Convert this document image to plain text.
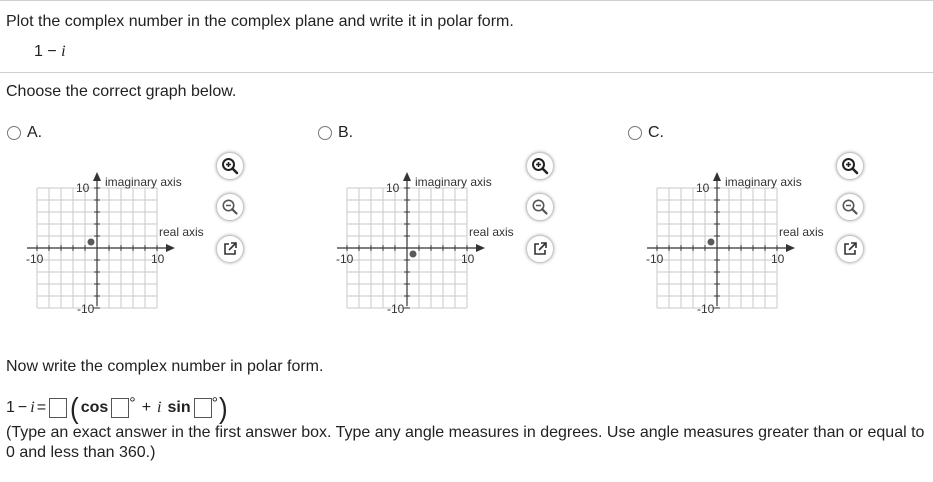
Plot the complex number in the complex plane and write it in polar form.
1 − i
Choose the correct graph below.
A.
imaginary axis
real axis
10
-10
-10	10
B.
imaginary axis
real axis
10
-10
-10	10
C.
imaginary axis
real axis
10
-10
-10	10
Now write the complex number in polar form.
1 − i = ( cos ° + i sin ° )
(Type an exact answer in the first answer box. Type any angle measures in degrees. Use angle measures greater than or equal to 0 and less than 360.)
